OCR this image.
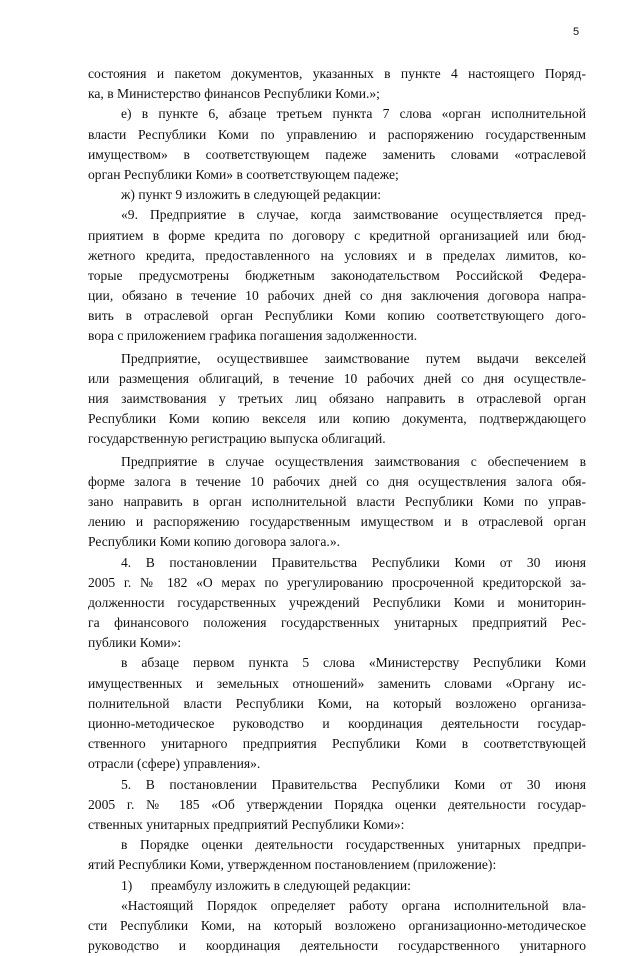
5
состояния и пакетом документов, указанных в пункте 4 настоящего Поряд-
ка, в Министерство финансов Республики Коми.»;
е) в пункте 6, абзаце третьем пункта 7 слова «орган исполнительной
власти Республики Коми по управлению и распоряжению государственным
имуществом» в соответствующем падеже заменить словами «отраслевой
орган Республики Коми» в соответствующем падеже;
ж) пункт 9 изложить в следующей редакции:
«9. Предприятие в случае, когда заимствование осуществляется пред-
приятием в форме кредита по договору с кредитной организацией или бюд-
жетного кредита, предоставленного на условиях и в пределах лимитов, ко-
торые предусмотрены бюджетным законодательством Российской Федера-
ции, обязано в течение 10 рабочих дней со дня заключения договора напра-
вить в отраслевой орган Республики Коми копию соответствующего дого-
вора с приложением графика погашения задолженности.
Предприятие, осуществившее заимствование путем выдачи векселей
или размещения облигаций, в течение 10 рабочих дней со дня осуществле-
ния заимствования у третьих лиц обязано направить в отраслевой орган
Республики Коми копию векселя или копию документа, подтверждающего
государственную регистрацию выпуска облигаций.
Предприятие в случае осуществления заимствования с обеспечением в
форме залога в течение 10 рабочих дней со дня осуществления залога обя-
зано направить в орган исполнительной власти Республики Коми по управ-
лению и распоряжению государственным имуществом и в отраслевой орган
Республики Коми копию договора залога.».
4. В постановлении Правительства Республики Коми от 30 июня
2005 г. № 182 «О мерах по урегулированию просроченной кредиторской за-
долженности государственных учреждений Республики Коми и мониторин-
га финансового положения государственных унитарных предприятий Рес-
публики Коми»:
в абзаце первом пункта 5 слова «Министерству Республики Коми
имущественных и земельных отношений» заменить словами «Органу ис-
полнительной власти Республики Коми, на который возложено организа-
ционно-методическое руководство и координация деятельности государ-
ственного унитарного предприятия Республики Коми в соответствующей
отрасли (сфере) управления».
5. В постановлении Правительства Республики Коми от 30 июня
2005 г. № 185 «Об утверждении Порядка оценки деятельности государ-
ственных унитарных предприятий Республики Коми»:
в Порядке оценки деятельности государственных унитарных предпри-
ятий Республики Коми, утвержденном постановлением (приложение):
1) преамбулу изложить в следующей редакции:
«Настоящий Порядок определяет работу органа исполнительной вла-
сти Республики Коми, на который возложено организационно-методическое
руководство и координация деятельности государственного унитарного
